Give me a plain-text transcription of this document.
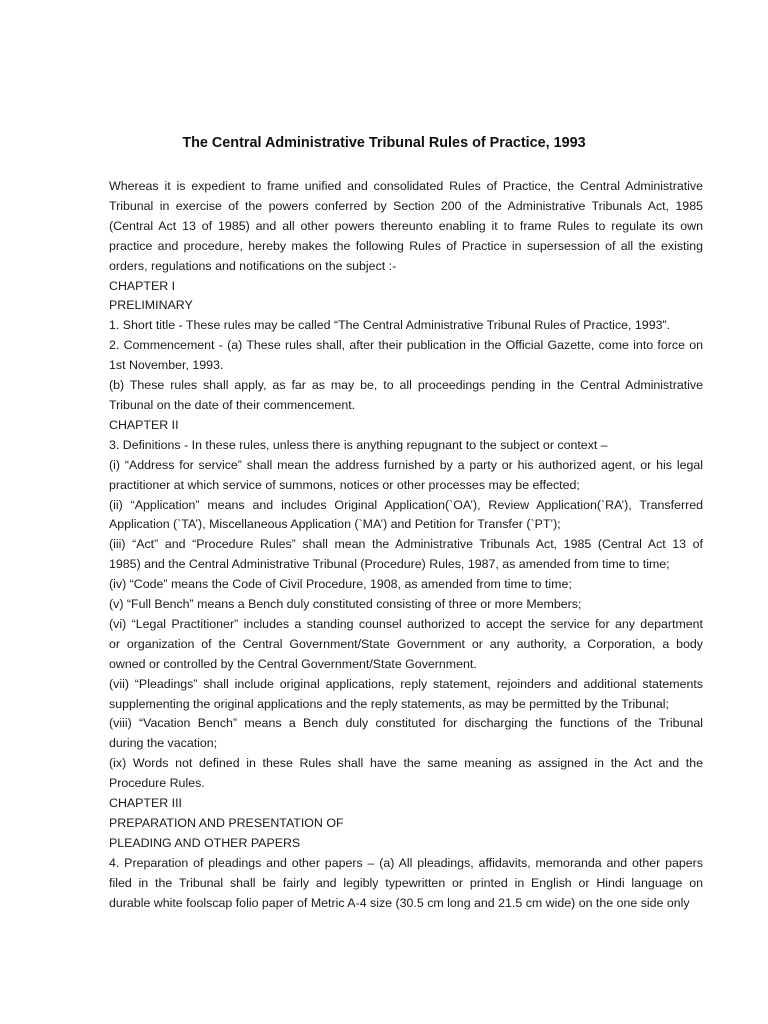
The Central Administrative Tribunal Rules of Practice, 1993

Whereas it is expedient to frame unified and consolidated Rules of Practice, the Central Administrative
Tribunal in exercise of the powers conferred by Section 200 of the Administrative Tribunals Act, 1985
(Central Act 13 of 1985) and all other powers thereunto enabling it to frame Rules to regulate its own
practice and procedure, hereby makes the following Rules of Practice in supersession of all the existing
orders, regulations and notifications on the subject :-

CHAPTER I

PRELIMINARY

1. Short title - These rules may be called “The Central Administrative Tribunal Rules of Practice, 1993”.

2. Commencement - (a) These rules shall, after their publication in the Official Gazette, come into force on
1st November, 1993.

(b) These rules shall apply, as far as may be, to all proceedings pending in the Central Administrative
Tribunal on the date of their commencement.

CHAPTER II

3. Definitions - In these rules, unless there is anything repugnant to the subject or context –

(i) “Address for service” shall mean the address furnished by a party or his authorized agent, or his legal
practitioner at which service of summons, notices or other processes may be effected;

(ii) “Application” means and includes Original Application(`OA’), Review Application(`RA’), Transferred
Application (`TA’), Miscellaneous Application (`MA’) and Petition for Transfer (`PT’);

(iii) “Act” and “Procedure Rules” shall mean the Administrative Tribunals Act, 1985 (Central Act 13 of
1985) and the Central Administrative Tribunal (Procedure) Rules, 1987, as amended from time to time;

(iv) “Code” means the Code of Civil Procedure, 1908, as amended from time to time;

(v) “Full Bench” means a Bench duly constituted consisting of three or more Members;

(vi) “Legal Practitioner” includes a standing counsel authorized to accept the service for any department
or organization of the Central Government/State Government or any authority, a Corporation, a body
owned or controlled by the Central Government/State Government.

(vii) “Pleadings” shall include original applications, reply statement, rejoinders and additional statements
supplementing the original applications and the reply statements, as may be permitted by the Tribunal;

(viii) “Vacation Bench” means a Bench duly constituted for discharging the functions of the Tribunal
during the vacation;

(ix) Words not defined in these Rules shall have the same meaning as assigned in the Act and the
Procedure Rules.

CHAPTER III

PREPARATION AND PRESENTATION OF

PLEADING AND OTHER PAPERS

4. Preparation of pleadings and other papers – (a) All pleadings, affidavits, memoranda and other papers
filed in the Tribunal shall be fairly and legibly typewritten or printed in English or Hindi language on
durable white foolscap folio paper of Metric A-4 size (30.5 cm long and 21.5 cm wide) on the one side only
